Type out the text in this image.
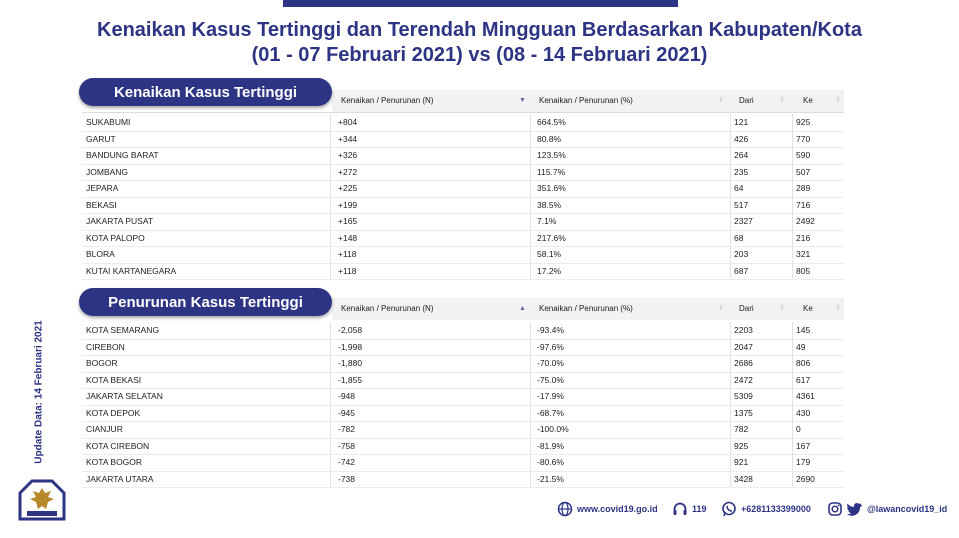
Kenaikan Kasus Tertinggi dan Terendah Mingguan Berdasarkan Kabupaten/Kota
(01 - 07 Februari 2021) vs (08 - 14 Februari 2021)
Kenaikan Kasus Tertinggi	Kenaikan / Penurunan (N)	▼ Kenaikan / Penurunan (%)	⇕ Dari	⇕ Ke	⇕
SUKABUMI	+804	664.5%	121	925
GARUT	+344	80.8%	426	770
BANDUNG BARAT	+326	123.5%	264	590
JOMBANG	+272	115.7%	235	507
JEPARA	+225	351.6%	64	289
BEKASI	+199	38.5%	517	716
JAKARTA PUSAT	+165	7.1%	2327	2492
KOTA PALOPO	+148	217.6%	68	216
BLORA	+118	58.1%	203	321
KUTAI KARTANEGARA	+118	17.2%	687	805
Penurunan Kasus Tertinggi	Kenaikan / Penurunan (N)	▲ Kenaikan / Penurunan (%)	⇕ Dari	⇕ Ke	⇕
KOTA SEMARANG	-2,058	-93.4%	2203	145
CIREBON	-1,998	-97.6%	2047	49
BOGOR	-1,880	-70.0%	2686	806
KOTA BEKASI	-1,855	-75.0%	2472	617
JAKARTA SELATAN	-948	-17.9%	5309	4361
KOTA DEPOK	-945	-68.7%	1375	430
CIANJUR	-782	-100.0%	782	0
KOTA CIREBON	-758	-81.9%	925	167
KOTA BOGOR	-742	-80.6%	921	179
JAKARTA UTARA	-738	-21.5%	3428	2690
Update Data: 14 Februari 2021
www.covid19.go.id	119	+6281133399000	@lawancovid19_id
